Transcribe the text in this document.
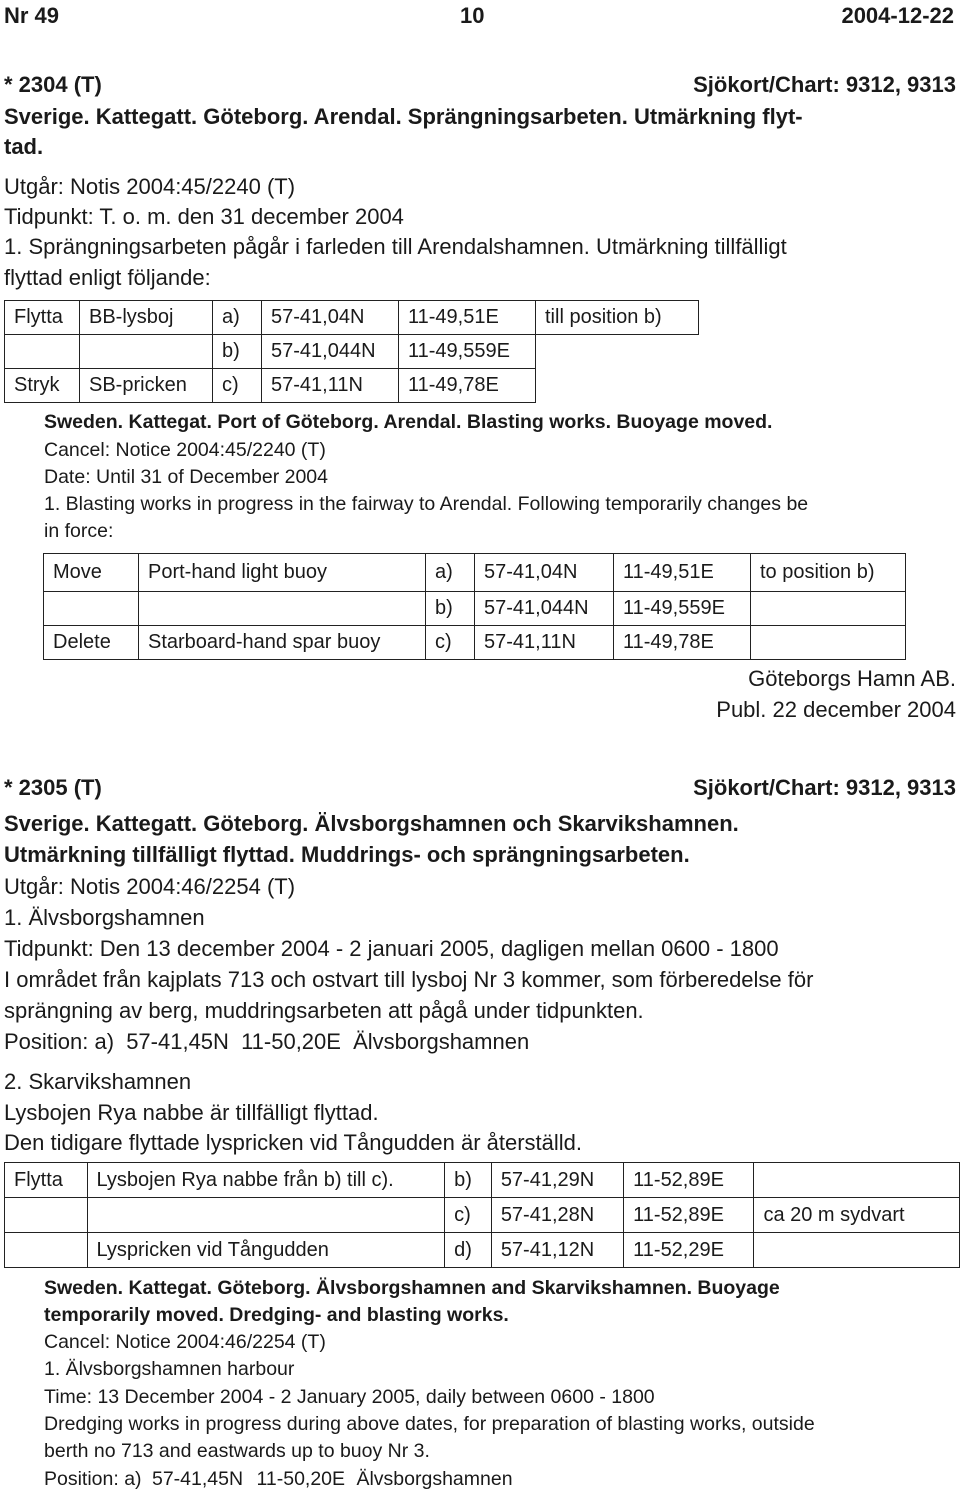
Nr 49	10	2004-12-22
* 2304 (T)	Sjökort/Chart: 9312, 9313
Sverige. Kattegatt. Göteborg. Arendal. Sprängningsarbeten. Utmärkning flyt-
tad.
Utgår: Notis 2004:45/2240 (T)
Tidpunkt: T. o. m. den 31 december 2004
1. Sprängningsarbeten pågår i farleden till Arendalshamnen. Utmärkning tillfälligt
flyttad enligt följande:
Flytta	BB-lysboj	a)	57-41,04N	11-49,51E	till position b)
		b)	57-41,044N	11-49,559E	
Stryk	SB-pricken	c)	57-41,11N	11-49,78E	
Sweden. Kattegat. Port of Göteborg. Arendal. Blasting works. Buoyage moved.
Cancel: Notice 2004:45/2240 (T)
Date: Until 31 of December 2004
1. Blasting works in progress in the fairway to Arendal. Following temporarily changes be
in force:
Move	Port-hand light buoy	a)	57-41,04N	11-49,51E	to position b)
		b)	57-41,044N	11-49,559E	
Delete	Starboard-hand spar buoy	c)	57-41,11N	11-49,78E	
Göteborgs Hamn AB.
Publ. 22 december 2004
* 2305 (T)	Sjökort/Chart: 9312, 9313
Sverige. Kattegatt. Göteborg. Älvsborgshamnen och Skarvikshamnen.
Utmärkning tillfälligt flyttad. Muddrings- och sprängningsarbeten.
Utgår: Notis 2004:46/2254 (T)
1. Älvsborgshamnen
Tidpunkt: Den 13 december 2004 - 2 januari 2005, dagligen mellan 0600 - 1800
I området från kajplats 713 och ostvart till lysboj Nr 3 kommer, som förberedelse för
sprängning av berg, muddringsarbeten att pågå under tidpunkten.
Position: a) 57-41,45N 11-50,20E Älvsborgshamnen
2. Skarvikshamnen
Lysbojen Rya nabbe är tillfälligt flyttad.
Den tidigare flyttade lyspricken vid Tångudden är återställd.
Flytta	Lysbojen Rya nabbe från b) till c).	b)	57-41,29N	11-52,89E	
		c)	57-41,28N	11-52,89E	ca 20 m sydvart
	Lyspricken vid Tångudden	d)	57-41,12N	11-52,29E	
Sweden. Kattegat. Göteborg. Älvsborgshamnen and Skarvikshamnen. Buoyage
temporarily moved. Dredging- and blasting works.
Cancel: Notice 2004:46/2254 (T)
1. Älvsborgshamnen harbour
Time: 13 December 2004 - 2 January 2005, daily between 0600 - 1800
Dredging works in progress during above dates, for preparation of blasting works, outside
berth no 713 and eastwards up to buoy Nr 3.
Position: a) 57-41,45N 11-50,20E Älvsborgshamnen
